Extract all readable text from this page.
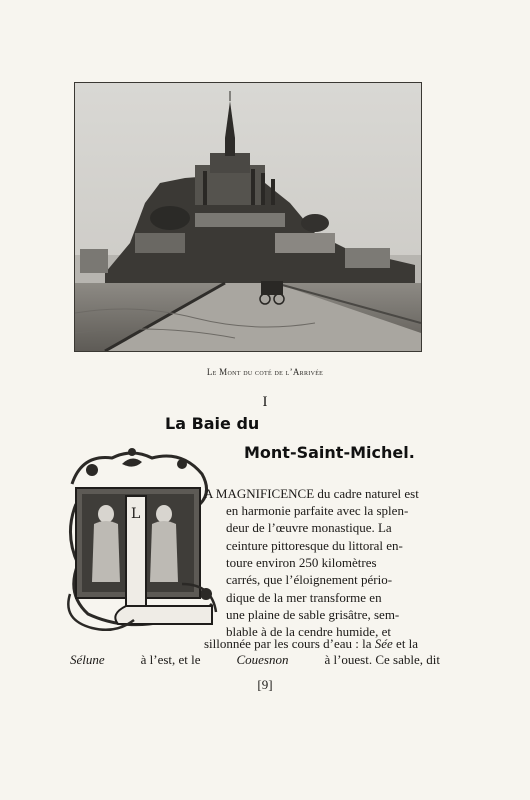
Le Mont du coté de l’Arrivée
I
La Baie du
Mont-Saint-Michel.
L
A MAGNIFICENCE du cadre naturel est
en harmonie parfaite avec la splen-
deur de l’œuvre monastique. La
ceinture pittoresque du littoral en-
toure environ 250 kilomètres
carrés, que l’éloignement pério-
dique de la mer transforme en
une plaine de sable grisâtre, sem-
blable à de la cendre humide, et
sillonnée par les cours d’eau : la Sée et la
Sélune	à l’est, et le	Couesnon	à l’ouest. Ce sable, dit
[9]
